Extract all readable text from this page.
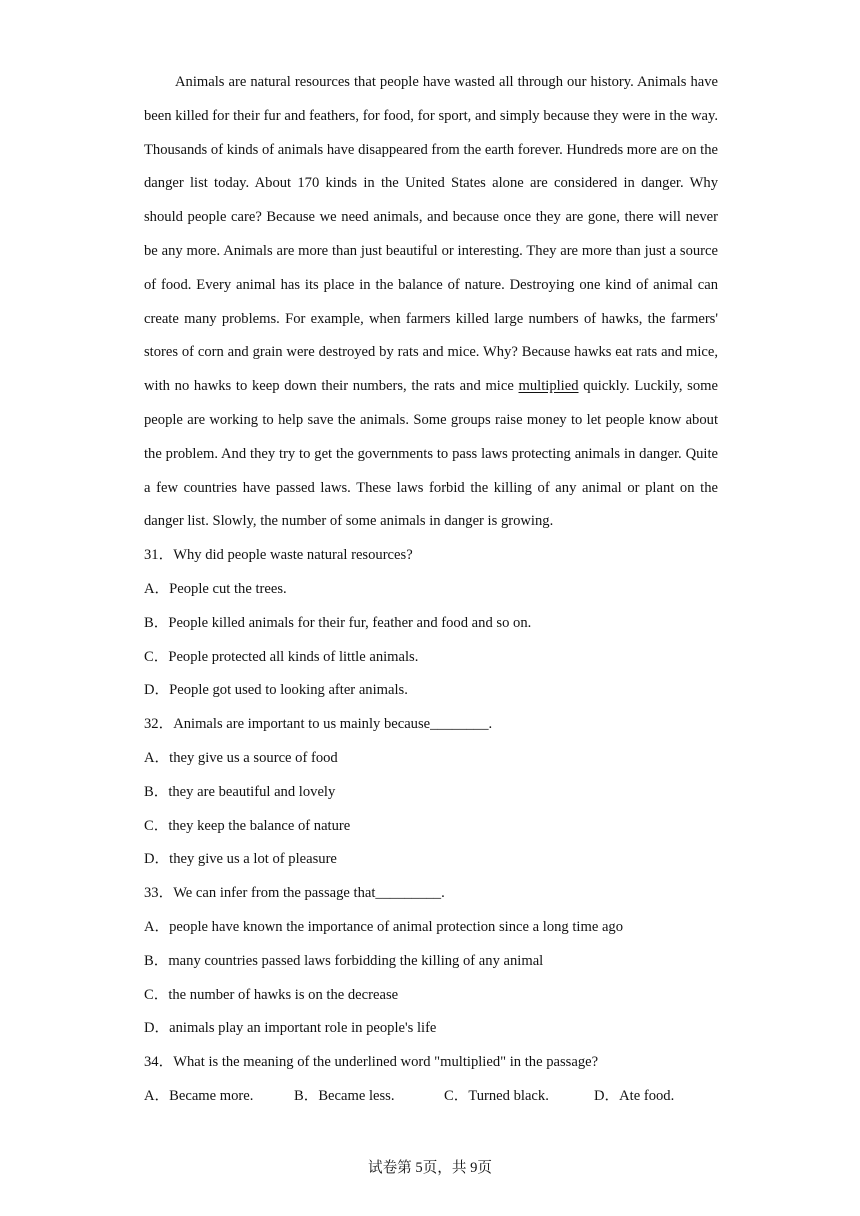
Animals are natural resources that people have wasted all through our history. Animals have been killed for their fur and feathers, for food, for sport, and simply because they were in the way. Thousands of kinds of animals have disappeared from the earth forever. Hundreds more are on the danger list today. About 170 kinds in the United States alone are considered in danger. Why should people care? Because we need animals, and because once they are gone, there will never be any more. Animals are more than just beautiful or interesting. They are more than just a source of food. Every animal has its place in the balance of nature. Destroying one kind of animal can create many problems. For example, when farmers killed large numbers of hawks, the farmers' stores of corn and grain were destroyed by rats and mice. Why? Because hawks eat rats and mice, with no hawks to keep down their numbers, the rats and mice multiplied quickly. Luckily, some people are working to help save the animals. Some groups raise money to let people know about the problem. And they try to get the governments to pass laws protecting animals in danger. Quite a few countries have passed laws. These laws forbid the killing of any animal or plant on the danger list. Slowly, the number of some animals in danger is growing.

31．Why did people waste natural resources?
A．People cut the trees.
B．People killed animals for their fur, feather and food and so on.
C．People protected all kinds of little animals.
D．People got used to looking after animals.
32．Animals are important to us mainly because________.
A．they give us a source of food
B．they are beautiful and lovely
C．they keep the balance of nature
D．they give us a lot of pleasure
33．We can infer from the passage that_________.
A．people have known the importance of animal protection since a long time ago
B．many countries passed laws forbidding the killing of any animal
C．the number of hawks is on the decrease
D．animals play an important role in people's life
34．What is the meaning of the underlined word "multiplied" in the passage?
A．Became more.	B．Became less.	C．Turned black.	D．Ate food.
试卷第 5页，共 9页
